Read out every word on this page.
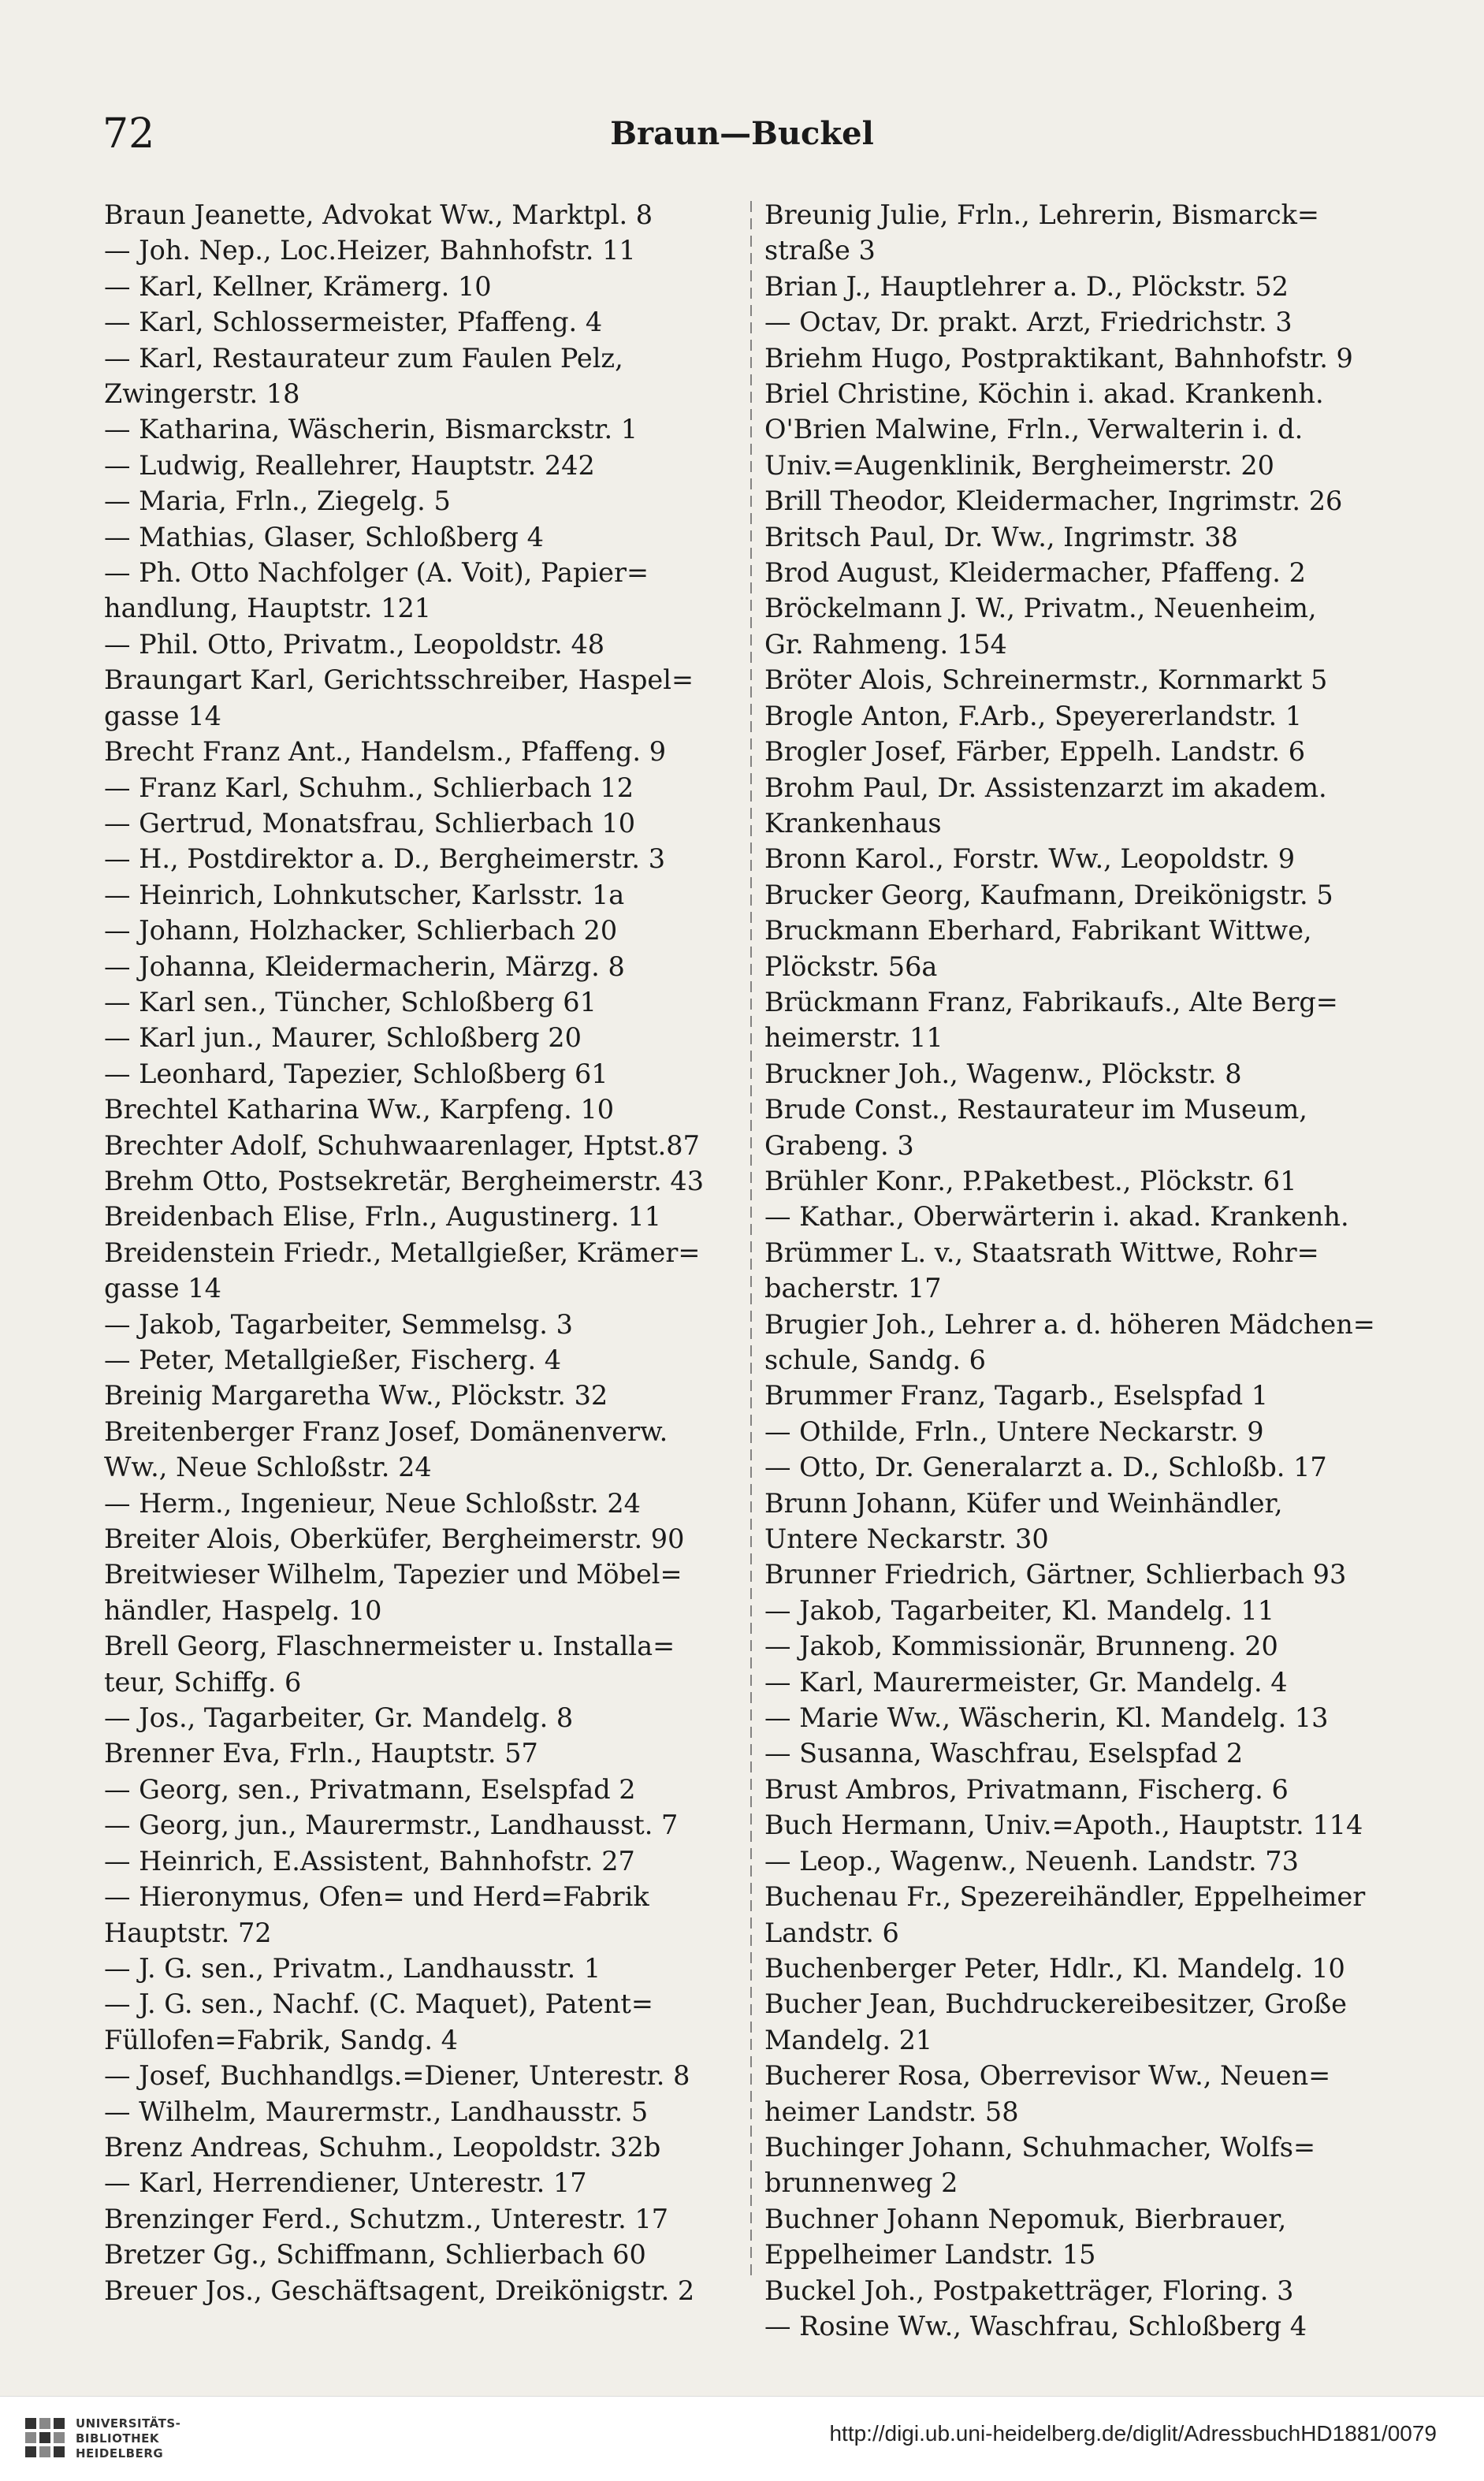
72	Braun—Buckel
Braun Jeanette, Advokat Ww., Marktpl. 8
— Joh. Nep., Loc.Heizer, Bahnhofstr. 11
— Karl, Kellner, Krämerg. 10
— Karl, Schlossermeister, Pfaffeng. 4
— Karl, Restaurateur zum Faulen Pelz,
Zwingerstr. 18
— Katharina, Wäscherin, Bismarckstr. 1
— Ludwig, Reallehrer, Hauptstr. 242
— Maria, Frln., Ziegelg. 5
— Mathias, Glaser, Schloßberg 4
— Ph. Otto Nachfolger (A. Voit), Papier=
handlung, Hauptstr. 121
— Phil. Otto, Privatm., Leopoldstr. 48
Braungart Karl, Gerichtsschreiber, Haspel=
gasse 14
Brecht Franz Ant., Handelsm., Pfaffeng. 9
— Franz Karl, Schuhm., Schlierbach 12
— Gertrud, Monatsfrau, Schlierbach 10
— H., Postdirektor a. D., Bergheimerstr. 3
— Heinrich, Lohnkutscher, Karlsstr. 1a
— Johann, Holzhacker, Schlierbach 20
— Johanna, Kleidermacherin, Märzg. 8
— Karl sen., Tüncher, Schloßberg 61
— Karl jun., Maurer, Schloßberg 20
— Leonhard, Tapezier, Schloßberg 61
Brechtel Katharina Ww., Karpfeng. 10
Brechter Adolf, Schuhwaarenlager, Hptst.87
Brehm Otto, Postsekretär, Bergheimerstr. 43
Breidenbach Elise, Frln., Augustinerg. 11
Breidenstein Friedr., Metallgießer, Krämer=
gasse 14
— Jakob, Tagarbeiter, Semmelsg. 3
— Peter, Metallgießer, Fischerg. 4
Breinig Margaretha Ww., Plöckstr. 32
Breitenberger Franz Josef, Domänenverw.
Ww., Neue Schloßstr. 24
— Herm., Ingenieur, Neue Schloßstr. 24
Breiter Alois, Oberküfer, Bergheimerstr. 90
Breitwieser Wilhelm, Tapezier und Möbel=
händler, Haspelg. 10
Brell Georg, Flaschnermeister u. Installa=
teur, Schiffg. 6
— Jos., Tagarbeiter, Gr. Mandelg. 8
Brenner Eva, Frln., Hauptstr. 57
— Georg, sen., Privatmann, Eselspfad 2
— Georg, jun., Maurermstr., Landhausst. 7
— Heinrich, E.Assistent, Bahnhofstr. 27
— Hieronymus, Ofen= und Herd=Fabrik
Hauptstr. 72
— J. G. sen., Privatm., Landhausstr. 1
— J. G. sen., Nachf. (C. Maquet), Patent=
Füllofen=Fabrik, Sandg. 4
— Josef, Buchhandlgs.=Diener, Unterestr. 8
— Wilhelm, Maurermstr., Landhausstr. 5
Brenz Andreas, Schuhm., Leopoldstr. 32b
— Karl, Herrendiener, Unterestr. 17
Brenzinger Ferd., Schutzm., Unterestr. 17
Bretzer Gg., Schiffmann, Schlierbach 60
Breuer Jos., Geschäftsagent, Dreikönigstr. 2
Breunig Julie, Frln., Lehrerin, Bismarck=
straße 3
Brian J., Hauptlehrer a. D., Plöckstr. 52
— Octav, Dr. prakt. Arzt, Friedrichstr. 3
Briehm Hugo, Postpraktikant, Bahnhofstr. 9
Briel Christine, Köchin i. akad. Krankenh.
O'Brien Malwine, Frln., Verwalterin i. d.
Univ.=Augenklinik, Bergheimerstr. 20
Brill Theodor, Kleidermacher, Ingrimstr. 26
Britsch Paul, Dr. Ww., Ingrimstr. 38
Brod August, Kleidermacher, Pfaffeng. 2
Bröckelmann J. W., Privatm., Neuenheim,
Gr. Rahmeng. 154
Bröter Alois, Schreinermstr., Kornmarkt 5
Brogle Anton, F.Arb., Speyererlandstr. 1
Brogler Josef, Färber, Eppelh. Landstr. 6
Brohm Paul, Dr. Assistenzarzt im akadem.
Krankenhaus
Bronn Karol., Forstr. Ww., Leopoldstr. 9
Brucker Georg, Kaufmann, Dreikönigstr. 5
Bruckmann Eberhard, Fabrikant Wittwe,
Plöckstr. 56a
Brückmann Franz, Fabrikaufs., Alte Berg=
heimerstr. 11
Bruckner Joh., Wagenw., Plöckstr. 8
Brude Const., Restaurateur im Museum,
Grabeng. 3
Brühler Konr., P.Paketbest., Plöckstr. 61
— Kathar., Oberwärterin i. akad. Krankenh.
Brümmer L. v., Staatsrath Wittwe, Rohr=
bacherstr. 17
Brugier Joh., Lehrer a. d. höheren Mädchen=
schule, Sandg. 6
Brummer Franz, Tagarb., Eselspfad 1
— Othilde, Frln., Untere Neckarstr. 9
— Otto, Dr. Generalarzt a. D., Schloßb. 17
Brunn Johann, Küfer und Weinhändler,
Untere Neckarstr. 30
Brunner Friedrich, Gärtner, Schlierbach 93
— Jakob, Tagarbeiter, Kl. Mandelg. 11
— Jakob, Kommissionär, Brunneng. 20
— Karl, Maurermeister, Gr. Mandelg. 4
— Marie Ww., Wäscherin, Kl. Mandelg. 13
— Susanna, Waschfrau, Eselspfad 2
Brust Ambros, Privatmann, Fischerg. 6
Buch Hermann, Univ.=Apoth., Hauptstr. 114
— Leop., Wagenw., Neuenh. Landstr. 73
Buchenau Fr., Spezereihändler, Eppelheimer
Landstr. 6
Buchenberger Peter, Hdlr., Kl. Mandelg. 10
Bucher Jean, Buchdruckereibesitzer, Große
Mandelg. 21
Bucherer Rosa, Oberrevisor Ww., Neuen=
heimer Landstr. 58
Buchinger Johann, Schuhmacher, Wolfs=
brunnenweg 2
Buchner Johann Nepomuk, Bierbrauer,
Eppelheimer Landstr. 15
Buckel Joh., Postpaketträger, Floring. 3
— Rosine Ww., Waschfrau, Schloßberg 4
UNIVERSITÄTS-
BIBLIOTHEK
HEIDELBERG
http://digi.ub.uni-heidelberg.de/diglit/AdressbuchHD1881/0079
